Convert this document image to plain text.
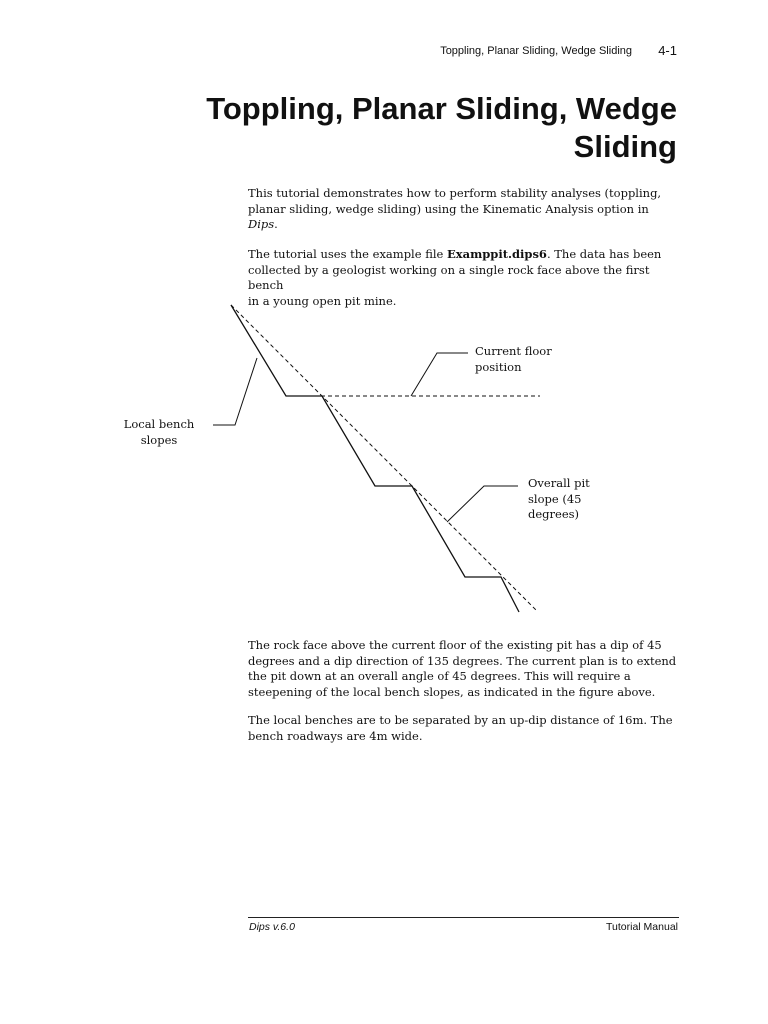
Toppling, Planar Sliding, Wedge Sliding 4-1
Toppling, Planar Sliding, Wedge
Sliding
This tutorial demonstrates how to perform stability analyses (toppling,
planar sliding, wedge sliding) using the Kinematic Analysis option in
Dips.
The tutorial uses the example file Examppit.dips6. The data has been
collected by a geologist working on a single rock face above the first bench
in a young open pit mine.
Current floor
position
Local bench
slopes
Overall pit
slope (45
degrees)
The rock face above the current floor of the existing pit has a dip of 45
degrees and a dip direction of 135 degrees. The current plan is to extend
the pit down at an overall angle of 45 degrees. This will require a
steepening of the local bench slopes, as indicated in the figure above.
The local benches are to be separated by an up-dip distance of 16m. The
bench roadways are 4m wide.
Dips v.6.0	Tutorial Manual
